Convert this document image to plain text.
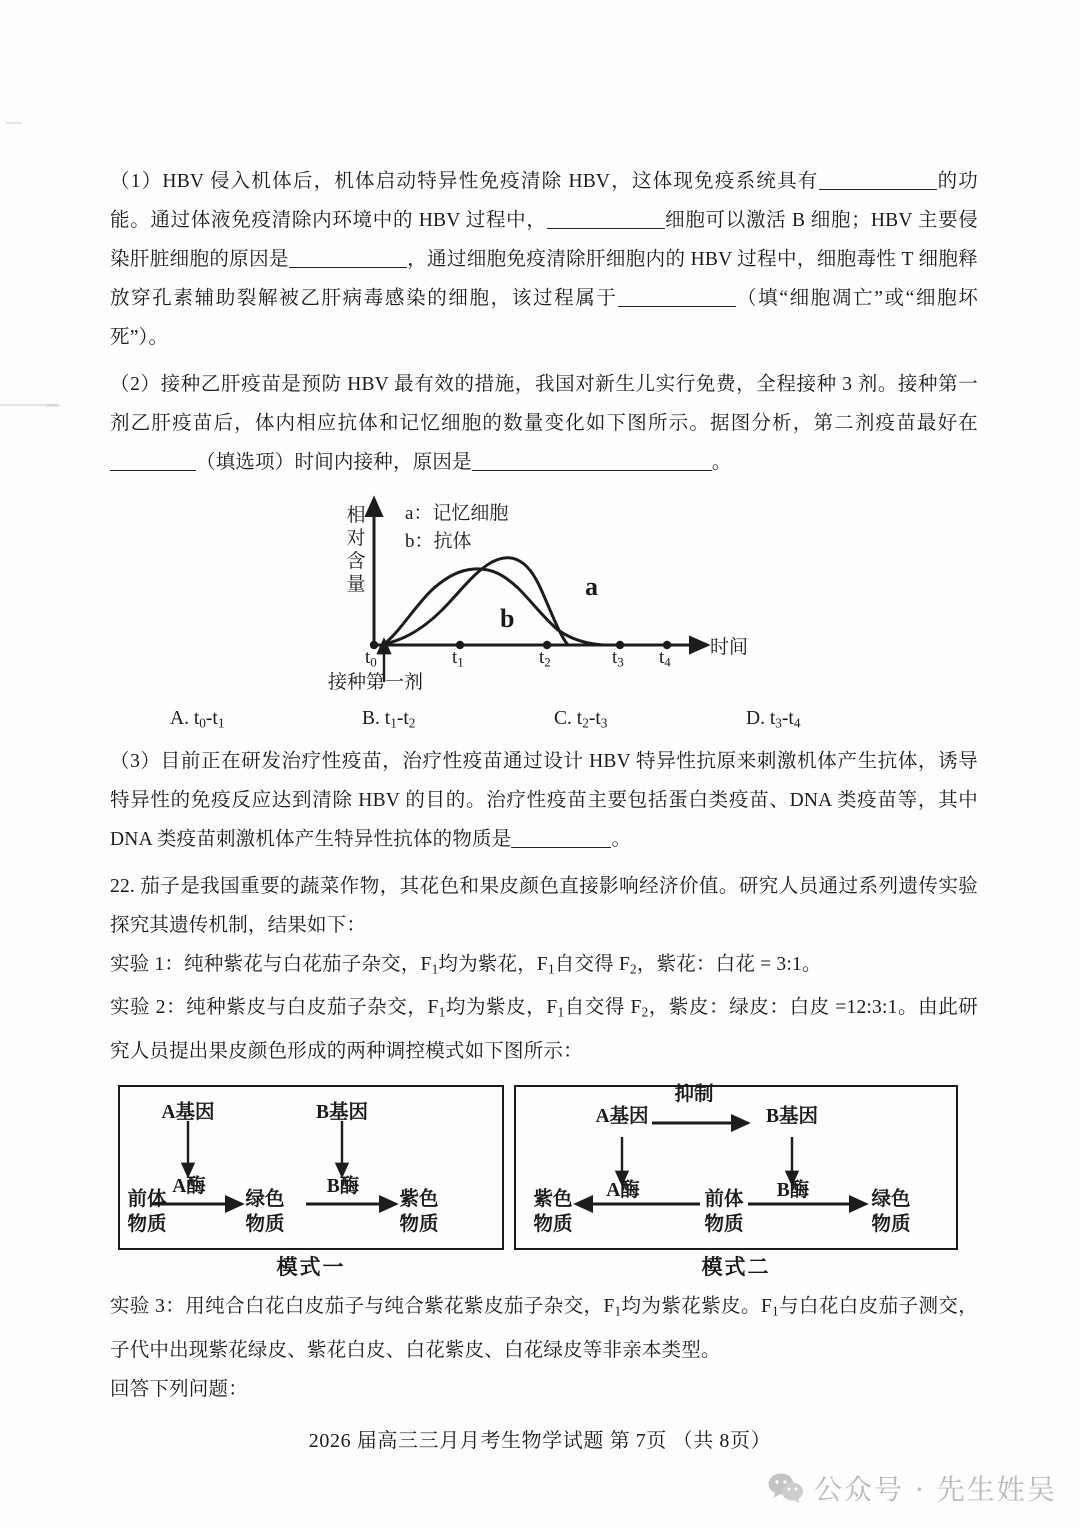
（1）HBV 侵入机体后，机体启动特异性免疫清除 HBV，这体现免疫系统具有	的功能。通过体液免疫清除内环境中的 HBV 过程中，	细胞可以激活 B 细胞；HBV 主要侵染肝脏细胞的原因是	，通过细胞免疫清除肝细胞内的 HBV 过程中，细胞毒性 T 细胞释放穿孔素辅助裂解被乙肝病毒感染的细胞，该过程属于	（填“细胞凋亡”或“细胞坏死”）。

（2）接种乙肝疫苗是预防 HBV 最有效的措施，我国对新生儿实行免费，全程接种 3 剂。接种第一剂乙肝疫苗后，体内相应抗体和记忆细胞的数量变化如下图所示。据图分析，第二剂疫苗最好在（填选项）时间内接种，原因是	。

相
对
含
量
a：记忆细胞
b：抗体
$t_0$	$t_1$	$t_2$	$t_3$ $t_4$
时间
a
b
接种第一剂
A. $t_0-t_1$	B. $t_1-t_2$	C. $t_2-t_3$	D. $t_3-t_4$

（3）目前正在研发治疗性疫苗，治疗性疫苗通过设计 HBV 特异性抗原来刺激机体产生抗体，诱导特异性的免疫反应达到清除 HBV 的目的。治疗性疫苗主要包括蛋白类疫苗、DNA 类疫苗等，其中 DNA 类疫苗刺激机体产生特异性抗体的物质是	。

22. 茄子是我国重要的蔬菜作物，其花色和果皮颜色直接影响经济价值。研究人员通过系列遗传实验探究其遗传机制，结果如下：

实验 1：纯种紫花与白花茄子杂交，$F_1$均为紫花，$F_1$自交得 $F_2$，紫花：白花 = 3:1。

实验 2：纯种紫皮与白皮茄子杂交，$F_1$均为紫皮，$F_1$自交得 $F_2$，紫皮：绿皮：白皮 =12:3:1。由此研究人员提出果皮颜色形成的两种调控模式如下图所示：

A基因	B基因
A酶	B酶
前体
物质
绿色
物质
紫色
物质
模式一
A基因
抑制
B基因
A酶	B酶
紫色
物质
前体
物质
绿色
物质
模式二

实验 3：用纯合白花白皮茄子与纯合紫花紫皮茄子杂交，$F_1$均为紫花紫皮。$F_1$与白花白皮茄子测交，子代中出现紫花绿皮、紫花白皮、白花紫皮、白花绿皮等非亲本类型。

回答下列问题：

2026 届高三三月月考生物学试题 第 7页 （共 8页）
公众号 · 先生姓吴
